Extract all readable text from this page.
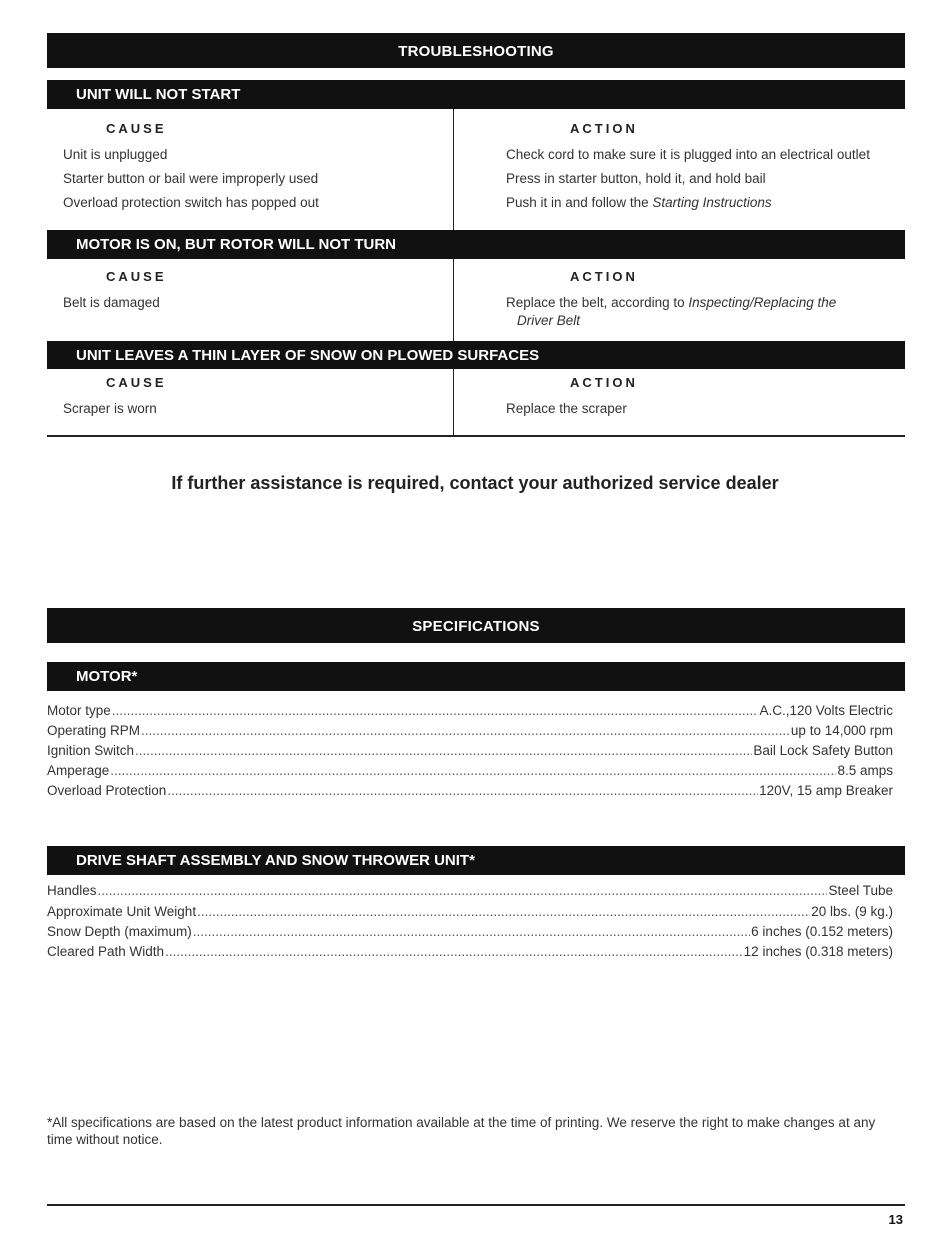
TROUBLESHOOTING
UNIT WILL NOT START
CAUSE	ACTION
Unit is unplugged	Check cord to make sure it is plugged into an electrical outlet
Starter button or bail were improperly used	Press in starter button, hold it, and hold bail
Overload protection switch has popped out	Push it in and follow the Starting Instructions
MOTOR IS ON, BUT ROTOR WILL NOT TURN
CAUSE	ACTION
Belt is damaged	Replace the belt, according to Inspecting/Replacing the
Driver Belt
UNIT LEAVES A THIN LAYER OF SNOW ON PLOWED SURFACES
CAUSE	ACTION
Scraper is worn	Replace the scraper
If further assistance is required, contact your authorized service dealer
SPECIFICATIONS
MOTOR*
Motor type .....	A.C.,120 Volts Electric
Operating RPM .....	up to 14,000 rpm
Ignition Switch .....	Bail Lock Safety Button
Amperage .....	8.5 amps
Overload Protection .....	120V, 15 amp Breaker
DRIVE SHAFT ASSEMBLY AND SNOW THROWER UNIT*
Handles .....	Steel Tube
Approximate Unit Weight .....	20 lbs. (9 kg.)
Snow Depth (maximum) .....	6 inches (0.152 meters)
Cleared Path Width .....	12 inches (0.318 meters)
*All specifications are based on the latest product information available at the time of printing. We reserve the right to make changes at any time without notice.
13
